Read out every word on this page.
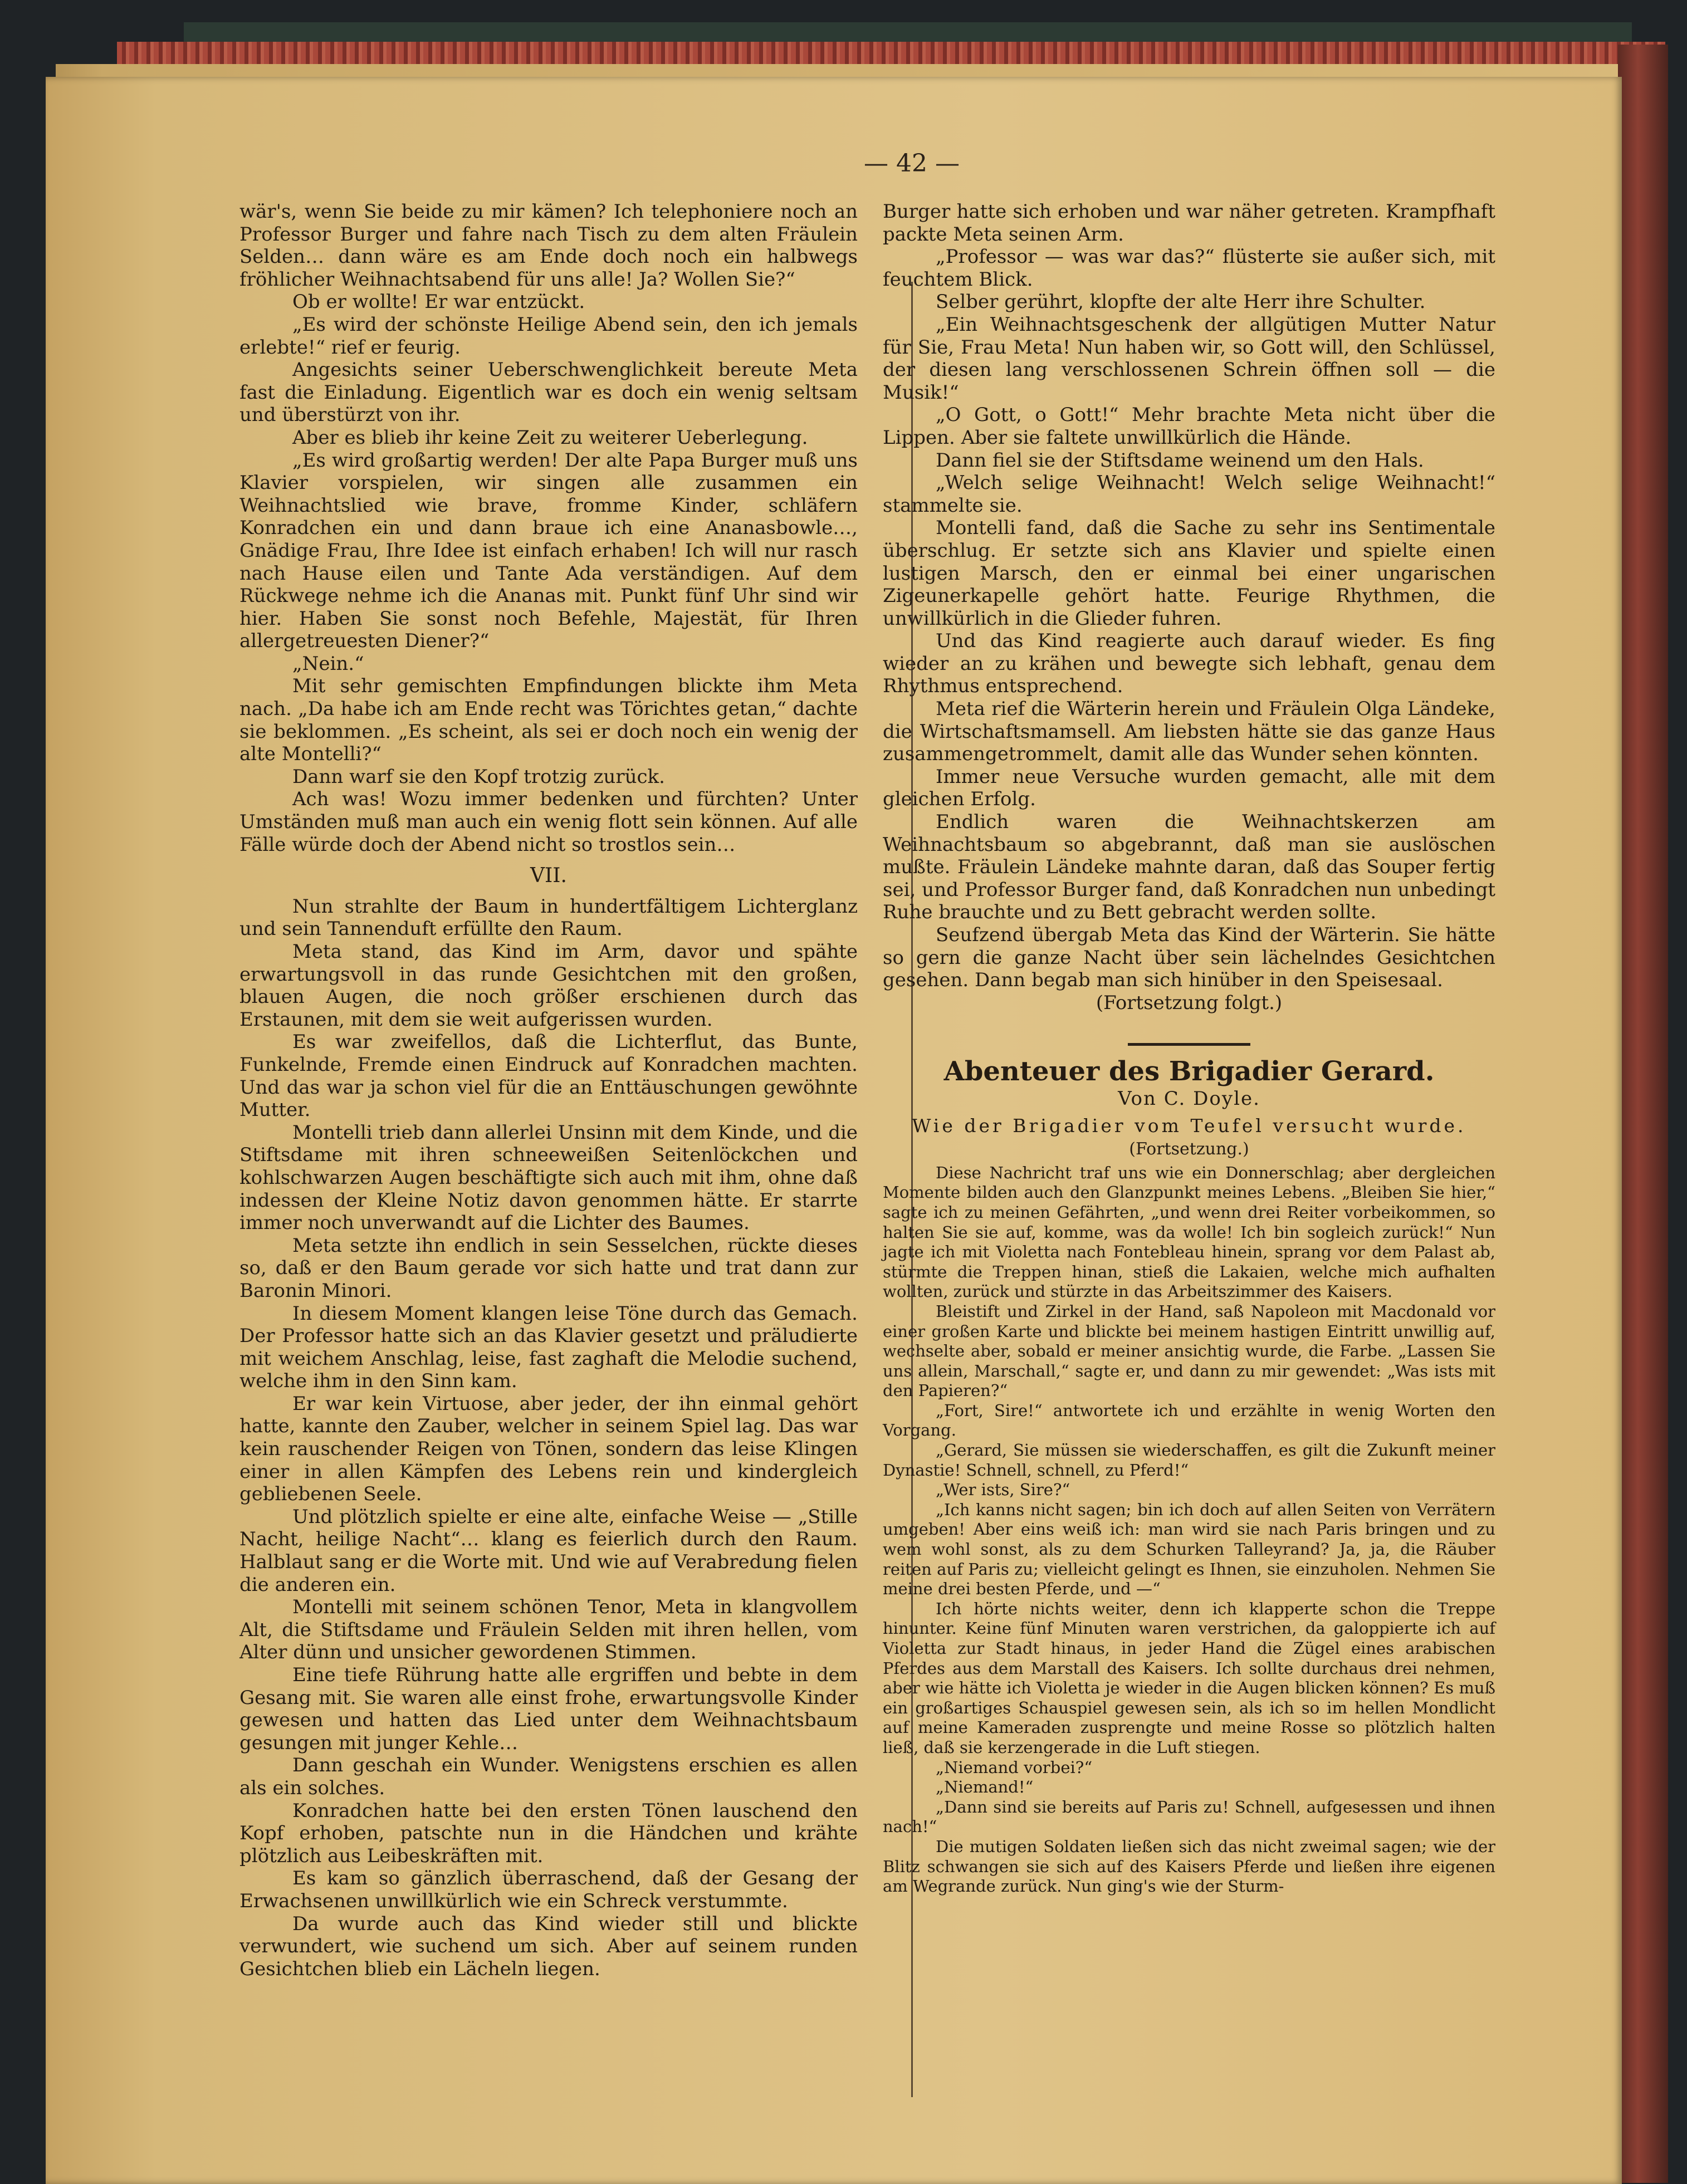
— 42 —

wär's, wenn Sie beide zu mir kämen? Ich telephoniere noch an Professor Burger und fahre nach Tisch zu dem alten Fräulein Selden… dann wäre es am Ende doch noch ein halbwegs fröhlicher Weihnachtsabend für uns alle! Ja? Wollen Sie?“

Ob er wollte! Er war entzückt.

„Es wird der schönste Heilige Abend sein, den ich jemals erlebte!“ rief er feurig.

Angesichts seiner Ueberschwenglichkeit bereute Meta fast die Einladung. Eigentlich war es doch ein wenig seltsam und überstürzt von ihr.

Aber es blieb ihr keine Zeit zu weiterer Ueberlegung.

„Es wird großartig werden! Der alte Papa Burger muß uns Klavier vorspielen, wir singen alle zusammen ein Weihnachtslied wie brave, fromme Kinder, schläfern Konradchen ein und dann braue ich eine Ananasbowle…, Gnädige Frau, Ihre Idee ist einfach erhaben! Ich will nur rasch nach Hause eilen und Tante Ada verständigen. Auf dem Rückwege nehme ich die Ananas mit. Punkt fünf Uhr sind wir hier. Haben Sie sonst noch Befehle, Majestät, für Ihren allergetreuesten Diener?“

„Nein.“

Mit sehr gemischten Empfindungen blickte ihm Meta nach. „Da habe ich am Ende recht was Törichtes getan,“ dachte sie beklommen. „Es scheint, als sei er doch noch ein wenig der alte Montelli?“

Dann warf sie den Kopf trotzig zurück.

Ach was! Wozu immer bedenken und fürchten? Unter Umständen muß man auch ein wenig flott sein können. Auf alle Fälle würde doch der Abend nicht so trostlos sein…

VII.

Nun strahlte der Baum in hundertfältigem Lichterglanz und sein Tannenduft erfüllte den Raum.

Meta stand, das Kind im Arm, davor und spähte erwartungsvoll in das runde Gesichtchen mit den großen, blauen Augen, die noch größer erschienen durch das Erstaunen, mit dem sie weit aufgerissen wurden.

Es war zweifellos, daß die Lichterflut, das Bunte, Funkelnde, Fremde einen Eindruck auf Konradchen machten. Und das war ja schon viel für die an Enttäuschungen gewöhnte Mutter.

Montelli trieb dann allerlei Unsinn mit dem Kinde, und die Stiftsdame mit ihren schneeweißen Seitenlöckchen und kohlschwarzen Augen beschäftigte sich auch mit ihm, ohne daß indessen der Kleine Notiz davon genommen hätte. Er starrte immer noch unverwandt auf die Lichter des Baumes.

Meta setzte ihn endlich in sein Sesselchen, rückte dieses so, daß er den Baum gerade vor sich hatte und trat dann zur Baronin Minori.

In diesem Moment klangen leise Töne durch das Gemach. Der Professor hatte sich an das Klavier gesetzt und präludierte mit weichem Anschlag, leise, fast zaghaft die Melodie suchend, welche ihm in den Sinn kam.

Er war kein Virtuose, aber jeder, der ihn einmal gehört hatte, kannte den Zauber, welcher in seinem Spiel lag. Das war kein rauschender Reigen von Tönen, sondern das leise Klingen einer in allen Kämpfen des Lebens rein und kindergleich gebliebenen Seele.

Und plötzlich spielte er eine alte, einfache Weise — „Stille Nacht, heilige Nacht“… klang es feierlich durch den Raum. Halblaut sang er die Worte mit. Und wie auf Verabredung fielen die anderen ein.

Montelli mit seinem schönen Tenor, Meta in klangvollem Alt, die Stiftsdame und Fräulein Selden mit ihren hellen, vom Alter dünn und unsicher gewordenen Stimmen.

Eine tiefe Rührung hatte alle ergriffen und bebte in dem Gesang mit. Sie waren alle einst frohe, erwartungsvolle Kinder gewesen und hatten das Lied unter dem Weihnachtsbaum gesungen mit junger Kehle…

Dann geschah ein Wunder. Wenigstens erschien es allen als ein solches.

Konradchen hatte bei den ersten Tönen lauschend den Kopf erhoben, patschte nun in die Händchen und krähte plötzlich aus Leibeskräften mit.

Es kam so gänzlich überraschend, daß der Gesang der Erwachsenen unwillkürlich wie ein Schreck verstummte.

Da wurde auch das Kind wieder still und blickte verwundert, wie suchend um sich. Aber auf seinem runden Gesichtchen blieb ein Lächeln liegen.

Burger hatte sich erhoben und war näher getreten. Krampfhaft packte Meta seinen Arm.

„Professor — was war das?“ flüsterte sie außer sich, mit feuchtem Blick.

Selber gerührt, klopfte der alte Herr ihre Schulter.

„Ein Weihnachtsgeschenk der allgütigen Mutter Natur für Sie, Frau Meta! Nun haben wir, so Gott will, den Schlüssel, der diesen lang verschlossenen Schrein öffnen soll — die Musik!“

„O Gott, o Gott!“ Mehr brachte Meta nicht über die Lippen. Aber sie faltete unwillkürlich die Hände.

Dann fiel sie der Stiftsdame weinend um den Hals.

„Welch selige Weihnacht! Welch selige Weihnacht!“ stammelte sie.

Montelli fand, daß die Sache zu sehr ins Sentimentale überschlug. Er setzte sich ans Klavier und spielte einen lustigen Marsch, den er einmal bei einer ungarischen Zigeunerkapelle gehört hatte. Feurige Rhythmen, die unwillkürlich in die Glieder fuhren.

Und das Kind reagierte auch darauf wieder. Es fing wieder an zu krähen und bewegte sich lebhaft, genau dem Rhythmus entsprechend.

Meta rief die Wärterin herein und Fräulein Olga Ländeke, die Wirtschaftsmamsell. Am liebsten hätte sie das ganze Haus zusammengetrommelt, damit alle das Wunder sehen könnten.

Immer neue Versuche wurden gemacht, alle mit dem gleichen Erfolg.

Endlich waren die Weihnachtskerzen am Weihnachtsbaum so abgebrannt, daß man sie auslöschen mußte. Fräulein Ländeke mahnte daran, daß das Souper fertig sei, und Professor Burger fand, daß Konradchen nun unbedingt Ruhe brauchte und zu Bett gebracht werden sollte.

Seufzend übergab Meta das Kind der Wärterin. Sie hätte so gern die ganze Nacht über sein lächelndes Gesichtchen gesehen. Dann begab man sich hinüber in den Speisesaal.

(Fortsetzung folgt.)

Abenteuer des Brigadier Gerard.
Von C. Doyle.
Wie der Brigadier vom Teufel versucht wurde.
(Fortsetzung.)

Diese Nachricht traf uns wie ein Donnerschlag; aber dergleichen Momente bilden auch den Glanzpunkt meines Lebens. „Bleiben Sie hier,“ sagte ich zu meinen Gefährten, „und wenn drei Reiter vorbeikommen, so halten Sie sie auf, komme, was da wolle! Ich bin sogleich zurück!“ Nun jagte ich mit Violetta nach Fontebleau hinein, sprang vor dem Palast ab, stürmte die Treppen hinan, stieß die Lakaien, welche mich aufhalten wollten, zurück und stürzte in das Arbeitszimmer des Kaisers.

Bleistift und Zirkel in der Hand, saß Napoleon mit Macdonald vor einer großen Karte und blickte bei meinem hastigen Eintritt unwillig auf, wechselte aber, sobald er meiner ansichtig wurde, die Farbe. „Lassen Sie uns allein, Marschall,“ sagte er, und dann zu mir gewendet: „Was ists mit den Papieren?“

„Fort, Sire!“ antwortete ich und erzählte in wenig Worten den Vorgang.

„Gerard, Sie müssen sie wiederschaffen, es gilt die Zukunft meiner Dynastie! Schnell, schnell, zu Pferd!“

„Wer ists, Sire?“

„Ich kanns nicht sagen; bin ich doch auf allen Seiten von Verrätern umgeben! Aber eins weiß ich: man wird sie nach Paris bringen und zu wem wohl sonst, als zu dem Schurken Talleyrand? Ja, ja, die Räuber reiten auf Paris zu; vielleicht gelingt es Ihnen, sie einzuholen. Nehmen Sie meine drei besten Pferde, und —“

Ich hörte nichts weiter, denn ich klapperte schon die Treppe hinunter. Keine fünf Minuten waren verstrichen, da galoppierte ich auf Violetta zur Stadt hinaus, in jeder Hand die Zügel eines arabischen Pferdes aus dem Marstall des Kaisers. Ich sollte durchaus drei nehmen, aber wie hätte ich Violetta je wieder in die Augen blicken können? Es muß ein großartiges Schauspiel gewesen sein, als ich so im hellen Mondlicht auf meine Kameraden zusprengte und meine Rosse so plötzlich halten ließ, daß sie kerzengerade in die Luft stiegen.

„Niemand vorbei?“

„Niemand!“

„Dann sind sie bereits auf Paris zu! Schnell, aufgesessen und ihnen nach!“

Die mutigen Soldaten ließen sich das nicht zweimal sagen; wie der Blitz schwangen sie sich auf des Kaisers Pferde und ließen ihre eigenen am Wegrande zurück. Nun ging's wie der Sturm-
